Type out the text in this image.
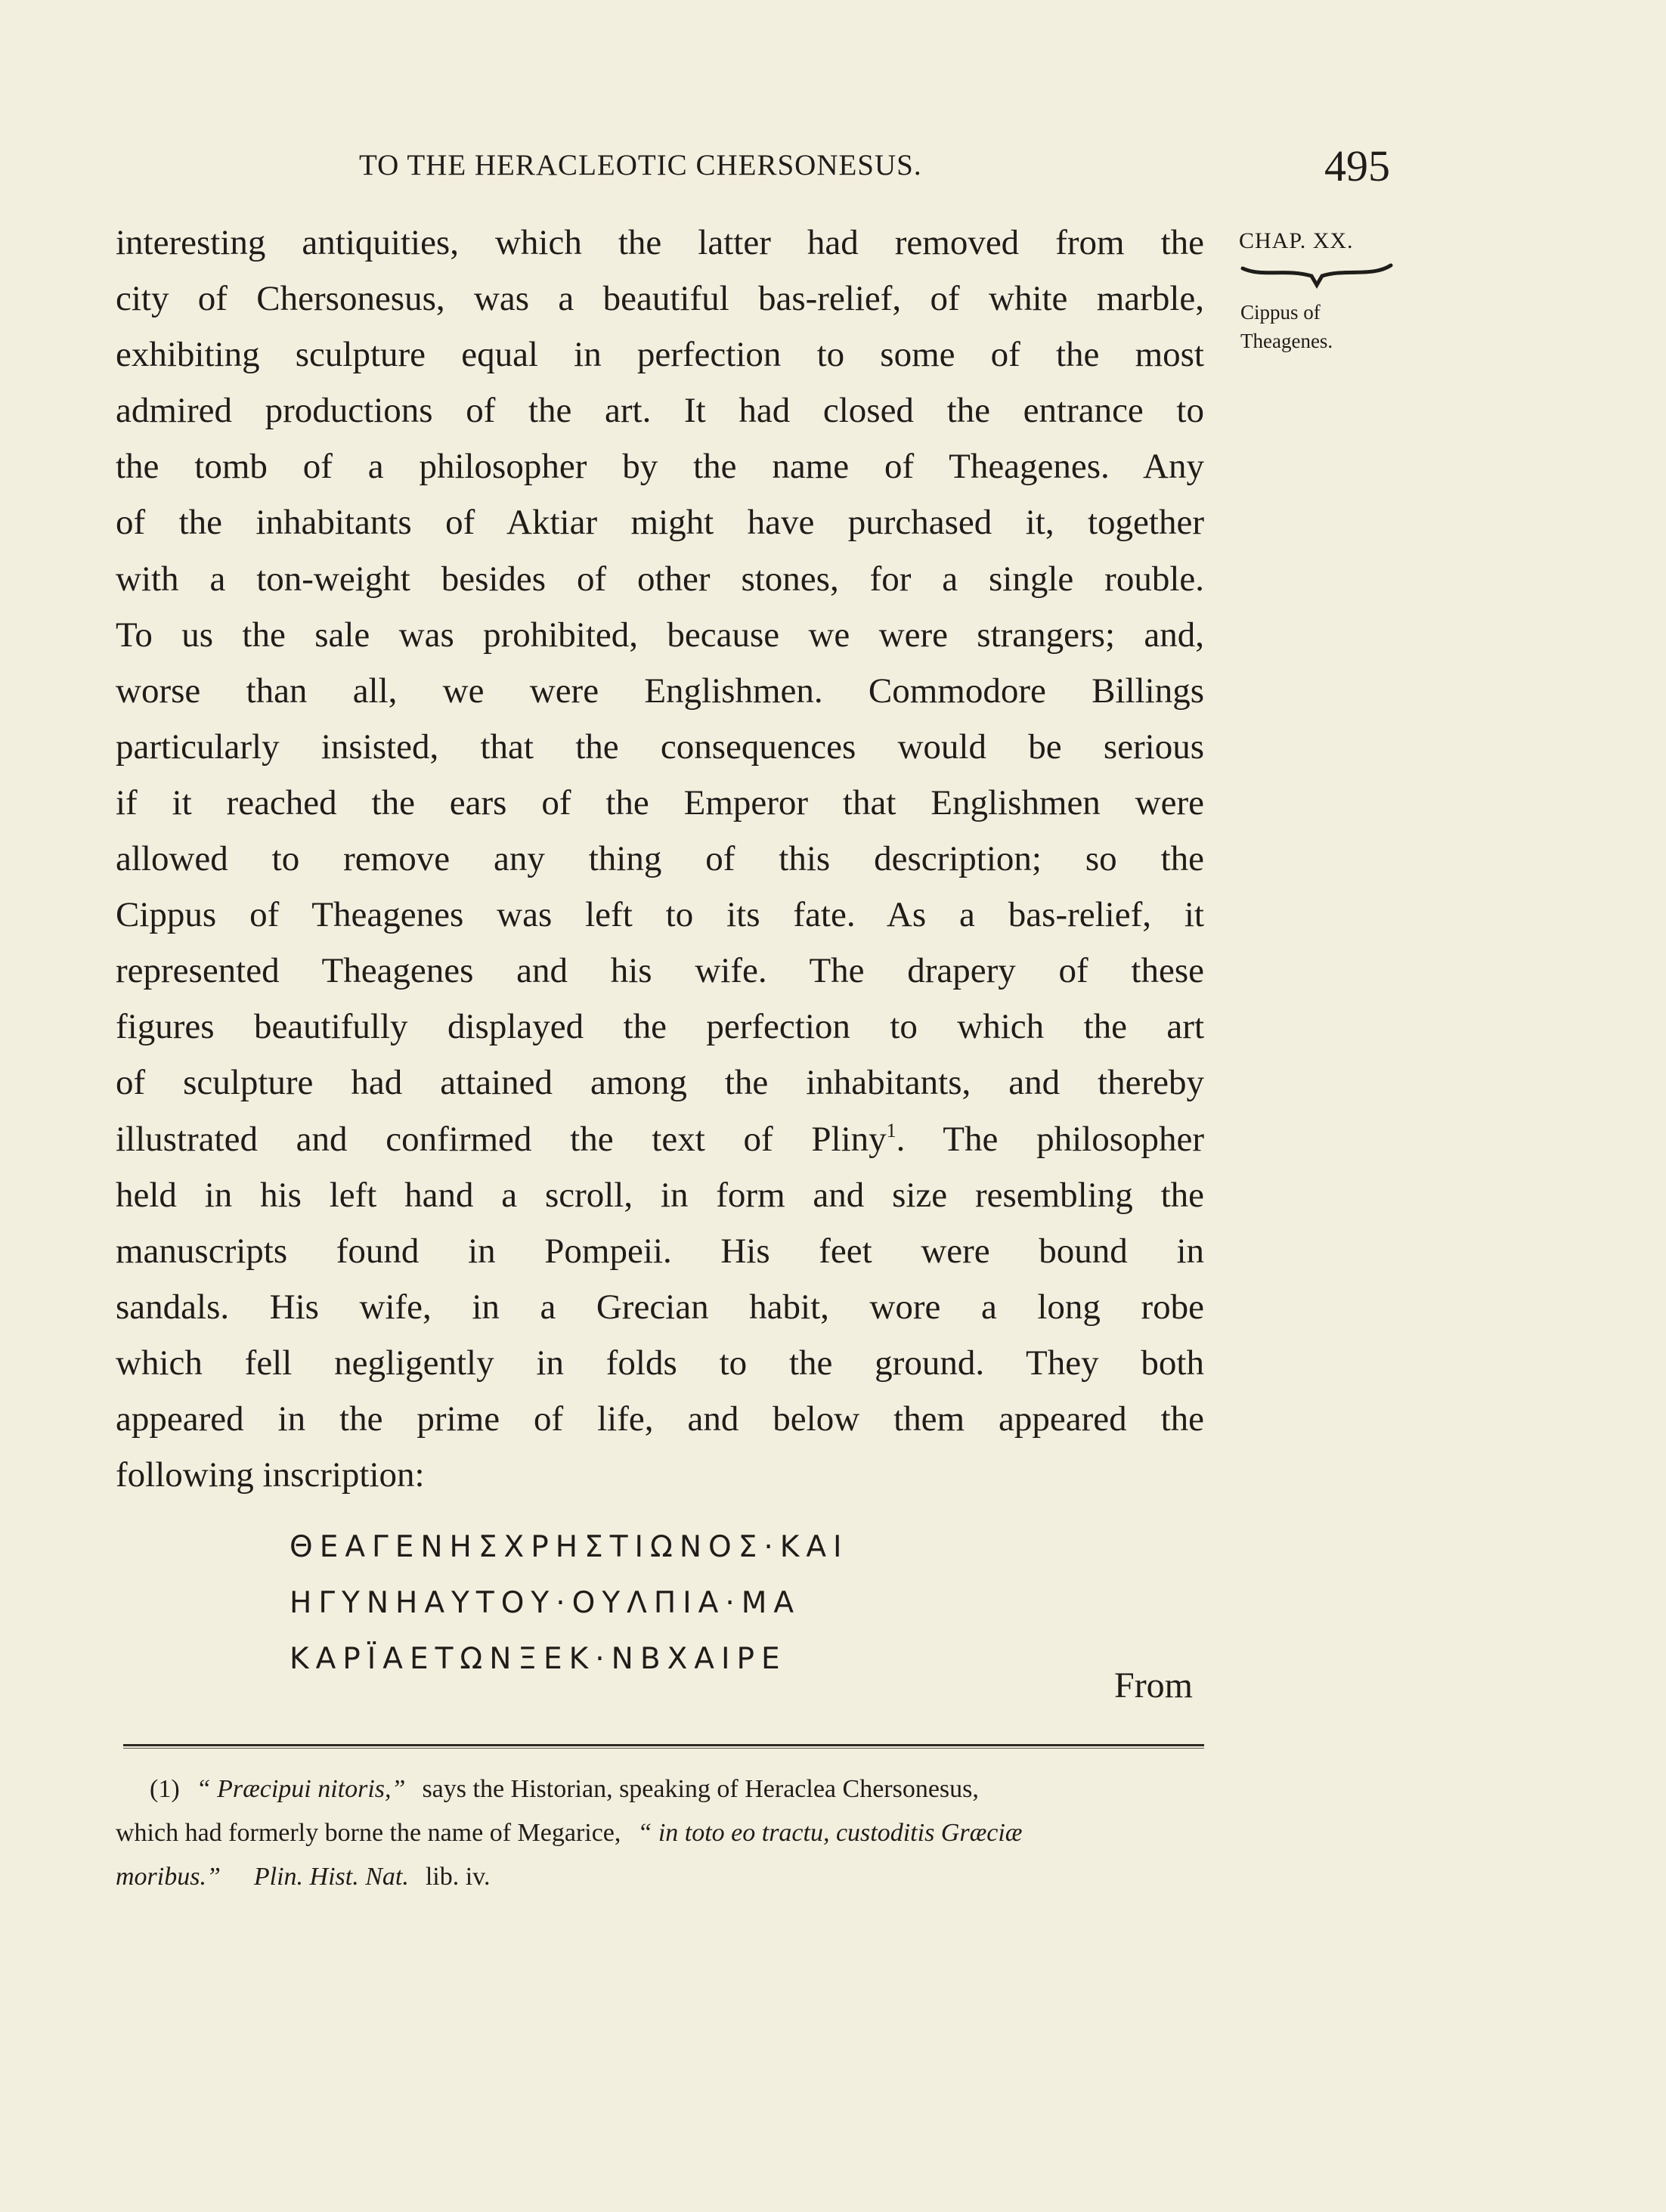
TO THE HERACLEOTIC CHERSONESUS.	495
CHAP. XX.
Cippus of
Theagenes.
interesting antiquities, which the latter had removed from the
city of Chersonesus, was a beautiful bas-relief, of white marble,
exhibiting sculpture equal in perfection to some of the most
admired productions of the art. It had closed the entrance to
the tomb of a philosopher by the name of Theagenes. Any
of the inhabitants of Aktiar might have purchased it, together
with a ton-weight besides of other stones, for a single rouble.
To us the sale was prohibited, because we were strangers; and,
worse than all, we were Englishmen. Commodore Billings
particularly insisted, that the consequences would be serious
if it reached the ears of the Emperor that Englishmen were
allowed to remove any thing of this description; so the
Cippus of Theagenes was left to its fate. As a bas-relief, it
represented Theagenes and his wife. The drapery of these
figures beautifully displayed the perfection to which the art
of sculpture had attained among the inhabitants, and thereby
illustrated and confirmed the text of Pliny$^1$. The philosopher
held in his left hand a scroll, in form and size resembling the
manuscripts found in Pompeii. His feet were bound in
sandals. His wife, in a Grecian habit, wore a long robe
which fell negligently in folds to the ground. They both
appeared in the prime of life, and below them appeared the
following inscription:
ΘΕΑΓΕΝΗΣΧΡΗΣΤΙΩΝΟΣ·ΚΑΙ
ΗΓΥΝΗΑΥΤΟΥ·ΟΥΛΠΙΑ·ΜΑ
ΚΑΡΪΑΕΤΩΝΞΕΚ·ΝΒΧΑΙΡΕ
From
(1) “ Præcipui nitoris,” says the Historian, speaking of Heraclea Chersonesus,
which had formerly borne the name of Megarice, “ in toto eo tractu, custoditis Græciæ
moribus.” Plin. Hist. Nat. lib. iv.
